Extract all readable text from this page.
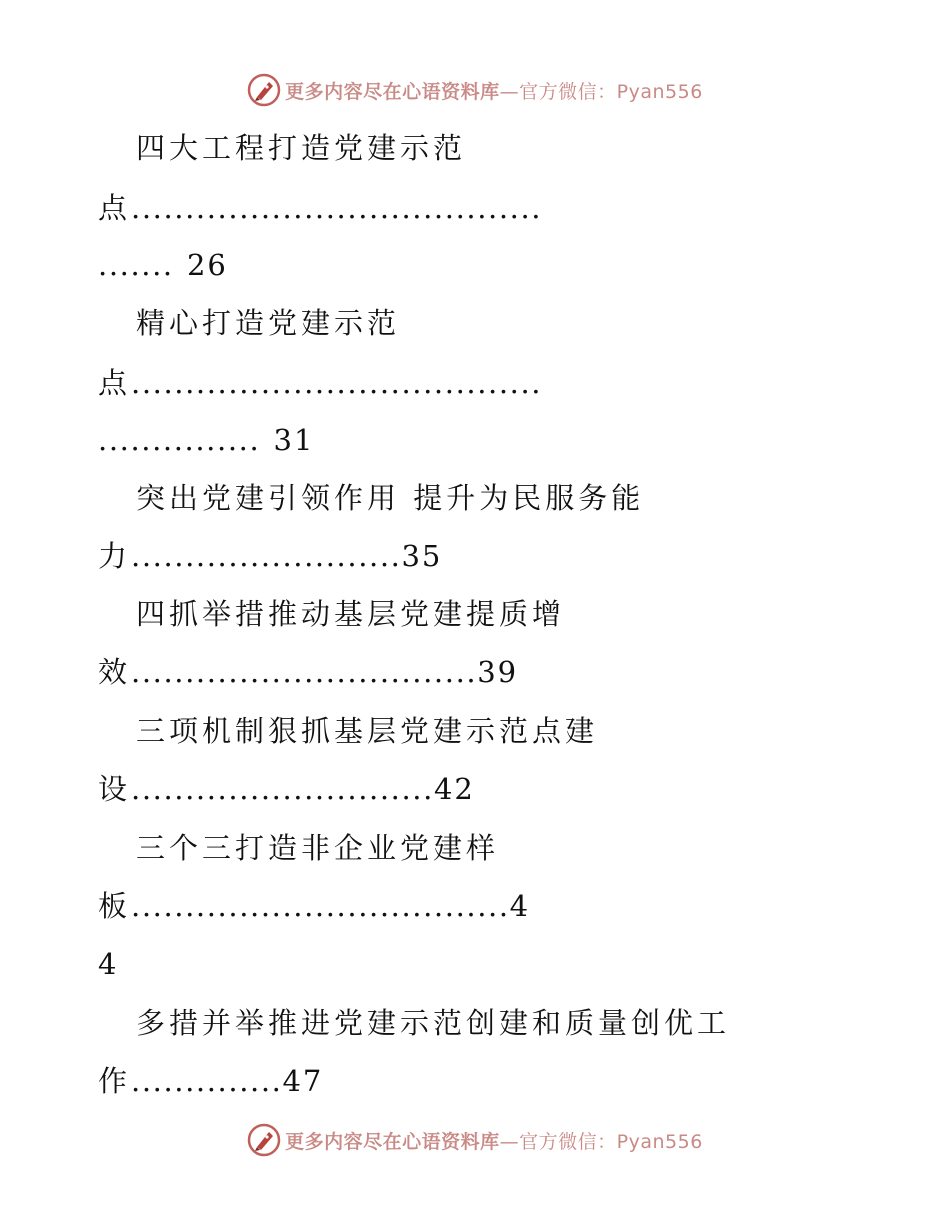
更多内容尽在心语资料库—官方微信：Pyan556
四大工程打造党建示范
点......................................
....... 26
精心打造党建示范
点......................................
............... 31
突出党建引领作用 提升为民服务能
力.........................35
四抓举措推动基层党建提质增
效................................39
三项机制狠抓基层党建示范点建
设............................42
三个三打造非企业党建样
板...................................4
4
多措并举推进党建示范创建和质量创优工
作..............47
更多内容尽在心语资料库—官方微信：Pyan556
